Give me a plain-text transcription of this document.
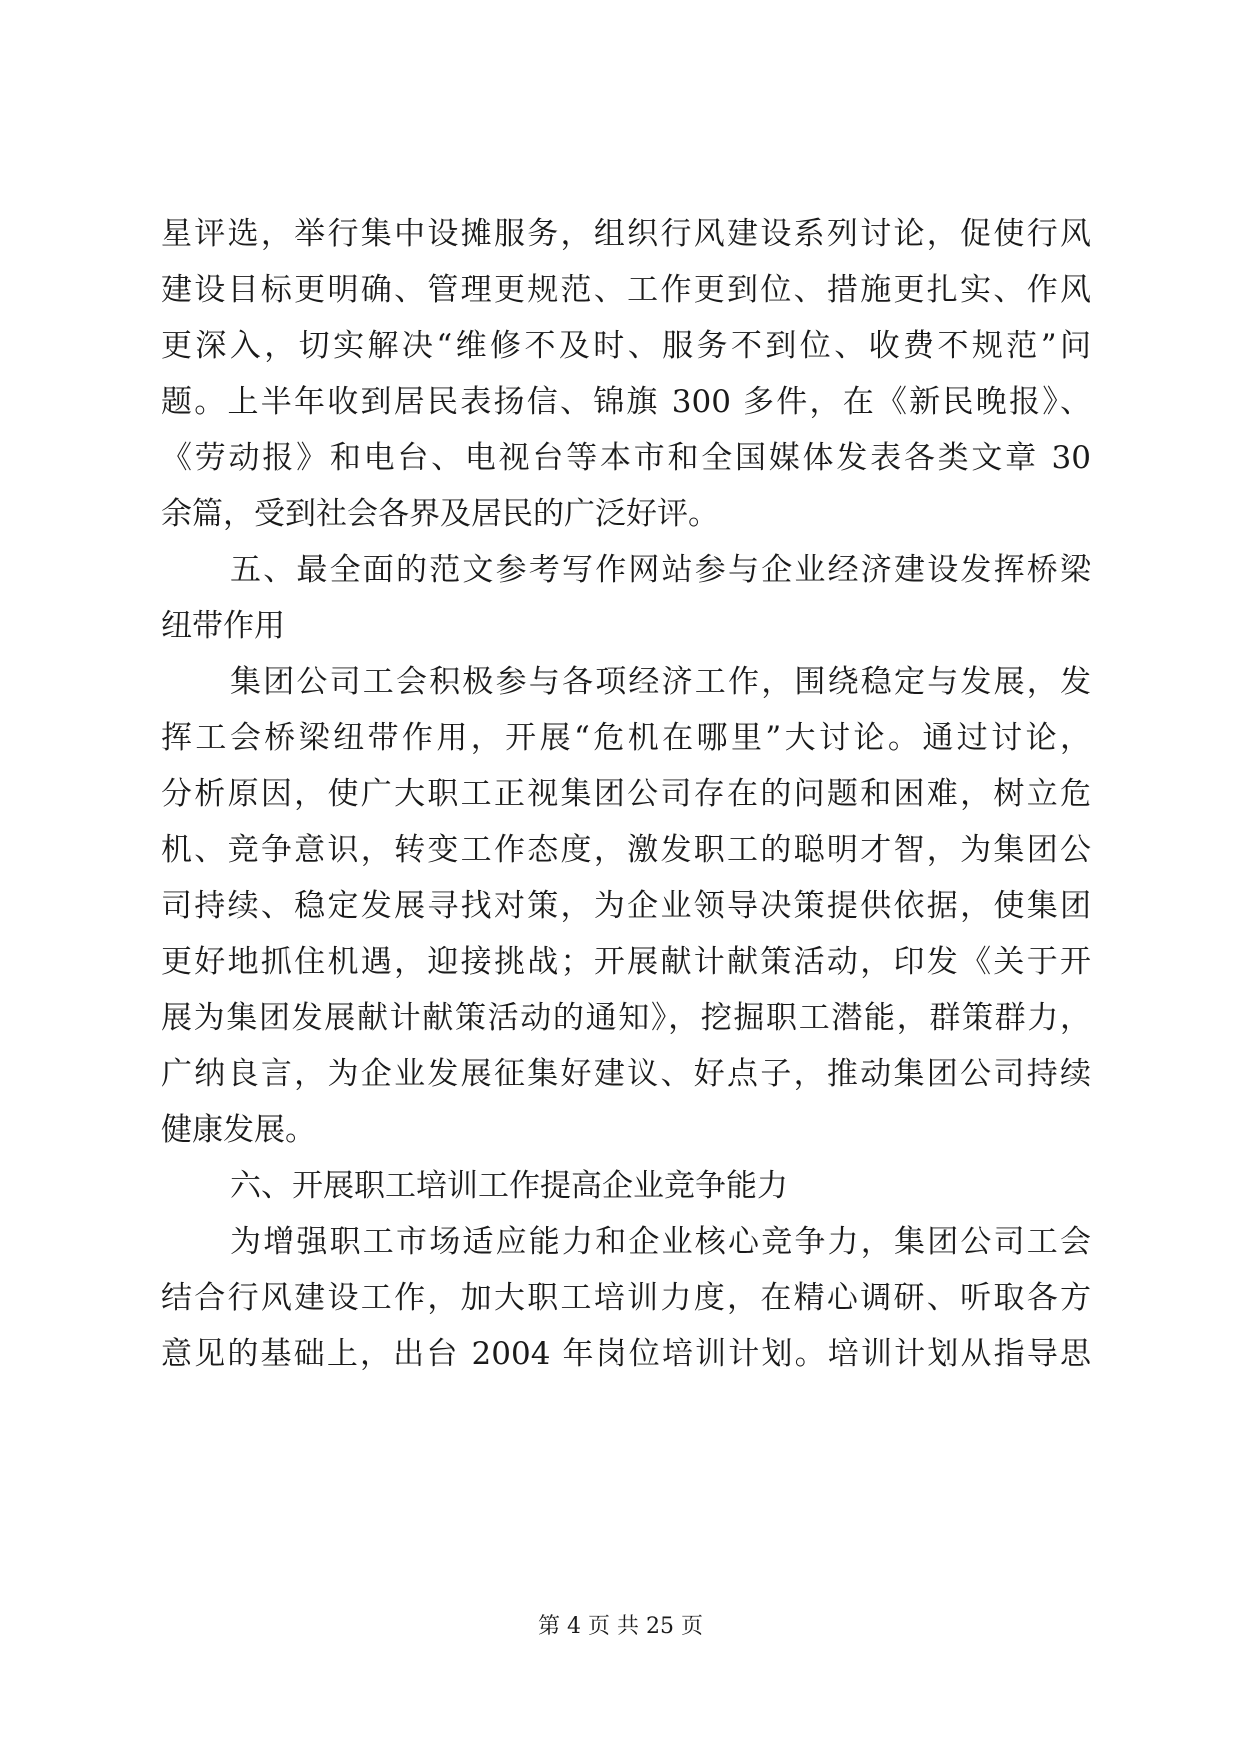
星评选，举行集中设摊服务，组织行风建设系列讨论，促使行风
建设目标更明确、管理更规范、工作更到位、措施更扎实、作风
更深入，切实解决“维修不及时、服务不到位、收费不规范”问
题。上半年收到居民表扬信、锦旗 300 多件，在《新民晚报》、
《劳动报》和电台、电视台等本市和全国媒体发表各类文章 30
余篇，受到社会各界及居民的广泛好评。
五、最全面的范文参考写作网站参与企业经济建设发挥桥梁
纽带作用
集团公司工会积极参与各项经济工作，围绕稳定与发展，发
挥工会桥梁纽带作用，开展“危机在哪里”大讨论。通过讨论，
分析原因，使广大职工正视集团公司存在的问题和困难，树立危
机、竞争意识，转变工作态度，激发职工的聪明才智，为集团公
司持续、稳定发展寻找对策，为企业领导决策提供依据，使集团
更好地抓住机遇，迎接挑战；开展献计献策活动，印发《关于开
展为集团发展献计献策活动的通知》，挖掘职工潜能，群策群力，
广纳良言，为企业发展征集好建议、好点子，推动集团公司持续
健康发展。
六、开展职工培训工作提高企业竞争能力
为增强职工市场适应能力和企业核心竞争力，集团公司工会
结合行风建设工作，加大职工培训力度，在精心调研、听取各方
意见的基础上，出台 2004 年岗位培训计划。培训计划从指导思
第 4 页 共 25 页
